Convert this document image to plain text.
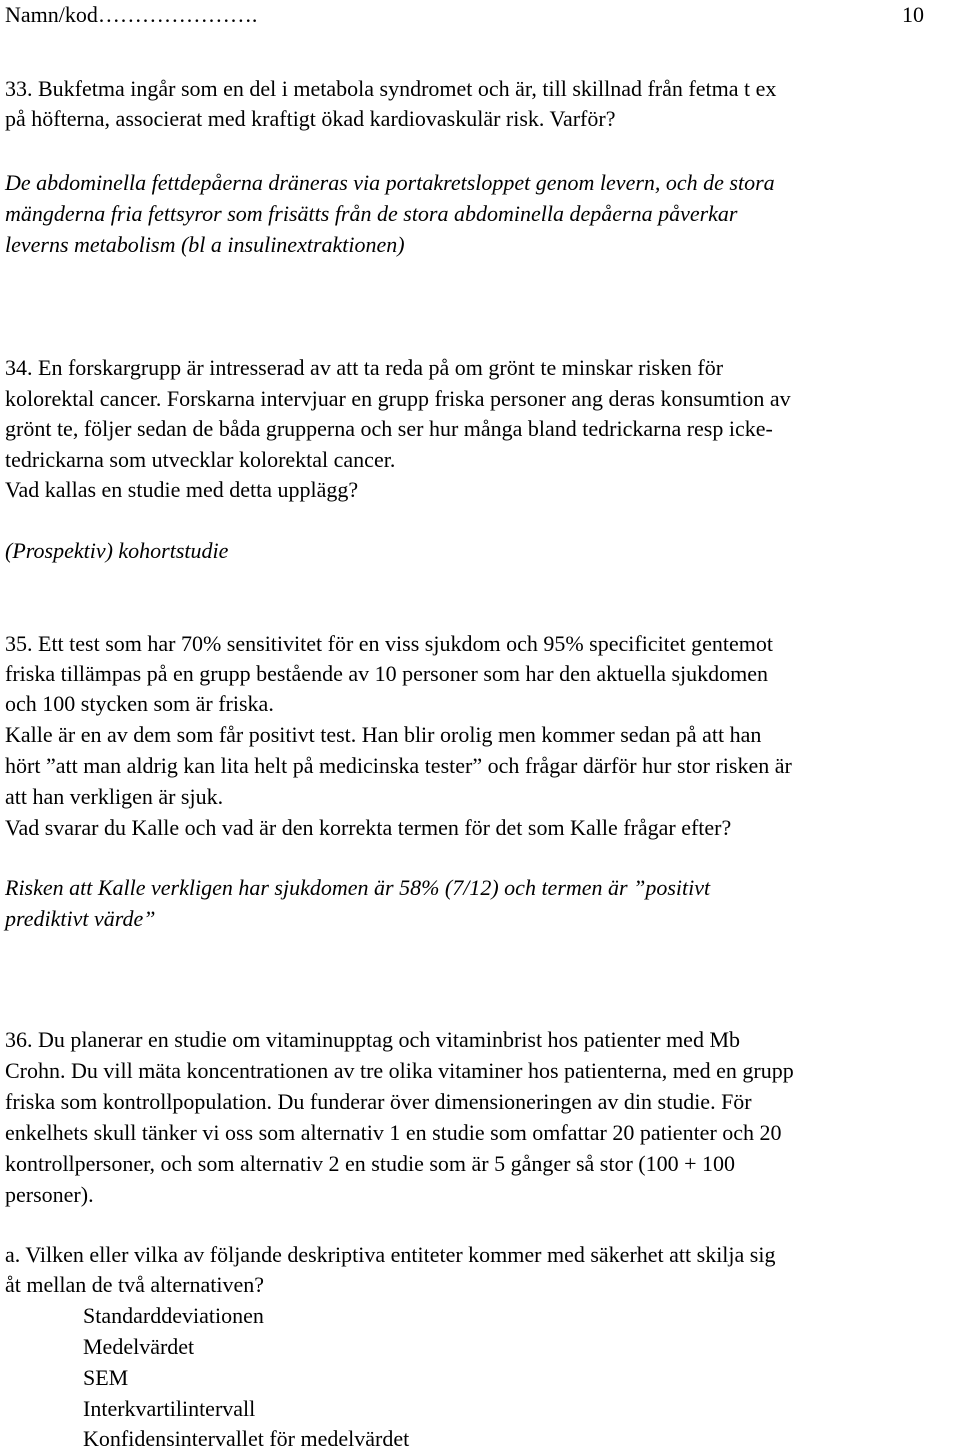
Namn/kod………………….	10
33. Bukfetma ingår som en del i metabola syndromet och är, till skillnad från fetma t ex
på höfterna, associerat med kraftigt ökad kardiovaskulär risk. Varför?
De abdominella fettdepåerna dräneras via portakretsloppet genom levern, och de stora
mängderna fria fettsyror som frisätts från de stora abdominella depåerna påverkar
leverns metabolism (bl a insulinextraktionen)
34. En forskargrupp är intresserad av att ta reda på om grönt te minskar risken för
kolorektal cancer. Forskarna intervjuar en grupp friska personer ang deras konsumtion av
grönt te, följer sedan de båda grupperna och ser hur många bland tedrickarna resp icke-
tedrickarna som utvecklar kolorektal cancer.
Vad kallas en studie med detta upplägg?
(Prospektiv) kohortstudie
35. Ett test som har 70% sensitivitet för en viss sjukdom och 95% specificitet gentemot
friska tillämpas på en grupp bestående av 10 personer som har den aktuella sjukdomen
och 100 stycken som är friska.
Kalle är en av dem som får positivt test. Han blir orolig men kommer sedan på att han
hört ”att man aldrig kan lita helt på medicinska tester” och frågar därför hur stor risken är
att han verkligen är sjuk.
Vad svarar du Kalle och vad är den korrekta termen för det som Kalle frågar efter?
Risken att Kalle verkligen har sjukdomen är 58% (7/12) och termen är ”positivt
prediktivt värde”
36. Du planerar en studie om vitaminupptag och vitaminbrist hos patienter med Mb
Crohn. Du vill mäta koncentrationen av tre olika vitaminer hos patienterna, med en grupp
friska som kontrollpopulation. Du funderar över dimensioneringen av din studie. För
enkelhets skull tänker vi oss som alternativ 1 en studie som omfattar 20 patienter och 20
kontrollpersoner, och som alternativ 2 en studie som är 5 gånger så stor (100 + 100
personer).
a. Vilken eller vilka av följande deskriptiva entiteter kommer med säkerhet att skilja sig
åt mellan de två alternativen?
Standarddeviationen
Medelvärdet
SEM
Interkvartilintervall
Konfidensintervallet för medelvärdet
